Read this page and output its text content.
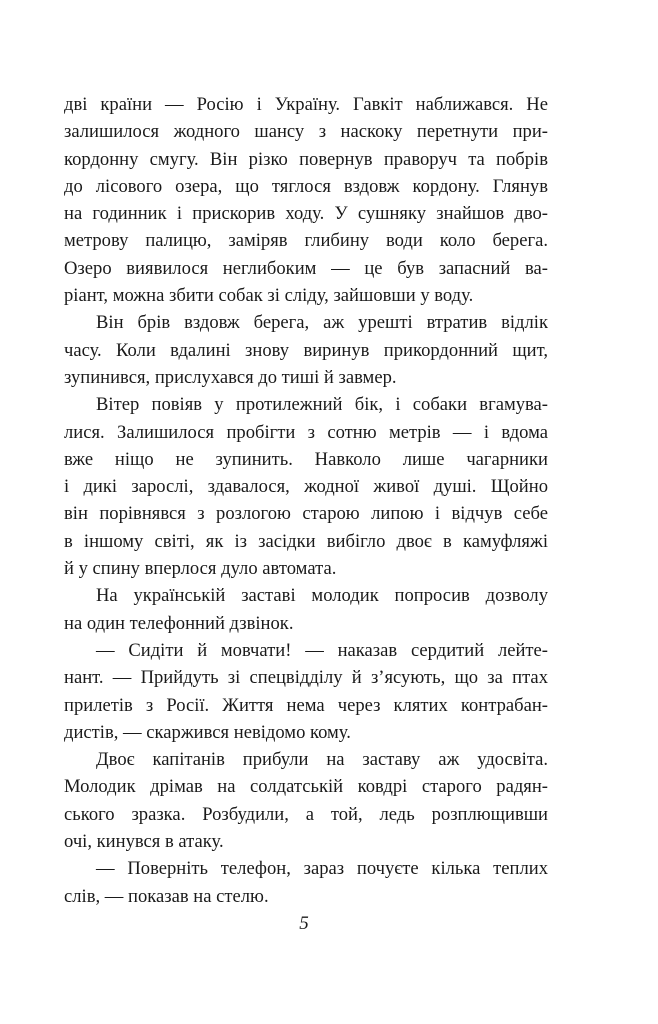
дві країни — Росію і Україну. Гавкіт наближався. Не
залишилося жодного шансу з наскоку перетнути при-
кордонну смугу. Він різко повернув праворуч та побрів
до лісового озера, що тяглося вздовж кордону. Глянув
на годинник і прискорив ходу. У сушняку знайшов дво-
метрову палицю, заміряв глибину води коло берега.
Озеро виявилося неглибоким — це був запасний ва-
ріант, можна збити собак зі сліду, зайшовши у воду.
Він брів вздовж берега, аж урешті втратив відлік
часу. Коли вдалині знову виринув прикордонний щит,
зупинився, прислухався до тиші й завмер.
Вітер повіяв у протилежний бік, і собаки вгамува-
лися. Залишилося пробігти з сотню метрів — і вдома
вже ніщо не зупинить. Навколо лише чагарники
і дикі зарослі, здавалося, жодної живої душі. Щойно
він порівнявся з розлогою старою липою і відчув себе
в іншому світі, як із засідки вибігло двоє в камуфляжі
й у спину вперлося дуло автомата.
На українській заставі молодик попросив дозволу
на один телефонний дзвінок.
— Сидіти й мовчати! — наказав сердитий лейте-
нант. — Прийдуть зі спецвідділу й з’ясують, що за птах
прилетів з Росії. Життя нема через клятих контрабан-
дистів, — скаржився невідомо кому.
Двоє капітанів прибули на заставу аж удосвіта.
Молодик дрімав на солдатській ковдрі старого радян-
ського зразка. Розбудили, а той, ледь розплющивши
очі, кинувся в атаку.
— Поверніть телефон, зараз почуєте кілька теплих
слів, — показав на стелю.
5
